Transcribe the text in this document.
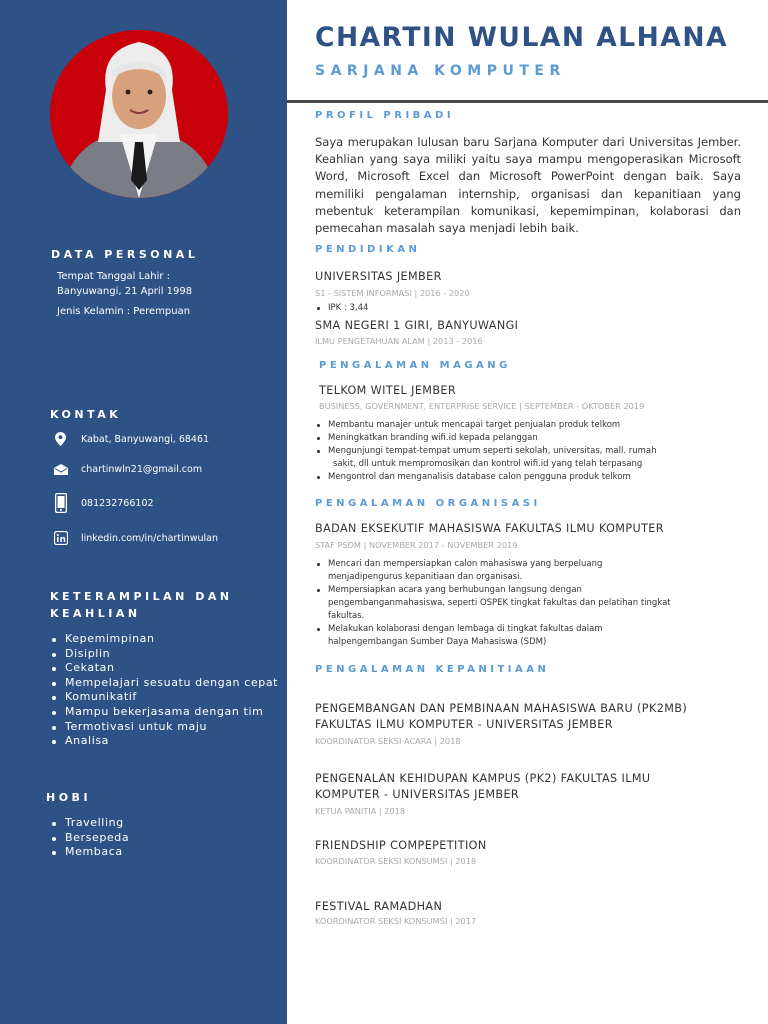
DATA PERSONAL
Tempat Tanggal Lahir :
Banyuwangi, 21 April 1998
Jenis Kelamin : Perempuan
KONTAK
Kabat, Banyuwangi, 68461
chartinwln21@gmail.com
081232766102
linkedin.com/in/chartinwulan
KETERAMPILAN DAN
KEAHLIAN
Kepemimpinan
Disiplin
Cekatan
Mempelajari sesuatu dengan cepat
Komunikatif
Mampu bekerjasama dengan tim
Termotivasi untuk maju
Analisa
HOBI
Travelling
Bersepeda
Membaca
CHARTIN WULAN ALHANA
SARJANA KOMPUTER
PROFIL PRIBADI
Saya merupakan lulusan baru Sarjana Komputer dari Universitas Jember. Keahlian yang saya miliki yaitu saya mampu mengoperasikan Microsoft Word, Microsoft Excel dan Microsoft PowerPoint dengan baik. Saya memiliki pengalaman internship, organisasi dan kepanitiaan yang mebentuk keterampilan komunikasi, kepemimpinan, kolaborasi dan pemecahan masalah saya menjadi lebih baik.
PENDIDIKAN
UNIVERSITAS JEMBER
S1 - SISTEM INFORMASI | 2016 - 2020
IPK : 3,44
SMA NEGERI 1 GIRI, BANYUWANGI
ILMU PENGETAHUAN ALAM | 2013 - 2016
PENGALAMAN MAGANG
TELKOM WITEL JEMBER
BUSINESS, GOVERNMENT, ENTERPRISE SERVICE | SEPTEMBER - OKTOBER 2019
Membantu manajer untuk mencapai target penjualan produk telkom
Meningkatkan branding wifi.id kepada pelanggan
Mengunjungi tempat-tempat umum seperti sekolah, universitas, mall. rumah
sakit, dll untuk mempromosikan dan kontrol wifi.id yang telah terpasang
Mengontrol dan menganalisis database calon pengguna produk telkom
PENGALAMAN ORGANISASI
BADAN EKSEKUTIF MAHASISWA FAKULTAS ILMU KOMPUTER
STAF PSDM | NOVEMBER 2017 - NOVEMBER 2019
Mencari dan mempersiapkan calon mahasiswa yang berpeluang
menjadipengurus kepanitiaan dan organisasi.
Mempersiapkan acara yang berhubungan langsung dengan
pengembanganmahasiswa, seperti OSPEK tingkat fakultas dan pelatihan tingkat
fakultas.
Melakukan kolaborasi dengan lembaga di tingkat fakultas dalam
halpengembangan Sumber Daya Mahasiswa (SDM)
PENGALAMAN KEPANITIAAN
PENGEMBANGAN DAN PEMBINAAN MAHASISWA BARU (PK2MB)
FAKULTAS ILMU KOMPUTER - UNIVERSITAS JEMBER
KOORDINATOR SEKSI ACARA | 2018
PENGENALAN KEHIDUPAN KAMPUS (PK2) FAKULTAS ILMU
KOMPUTER - UNIVERSITAS JEMBER
KETUA PANITIA | 2018
FRIENDSHIP COMPEPETITION
KOORDINATOR SEKSI KONSUMSI | 2018
FESTIVAL RAMADHAN
KOORDINATOR SEKSI KONSUMSI | 2017
